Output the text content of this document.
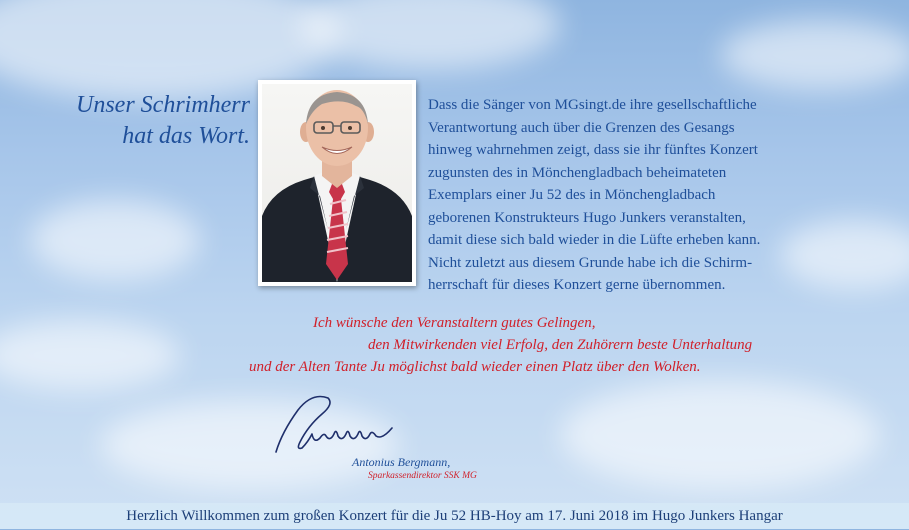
Unser Schrimherr
hat das Wort.
Dass die Sänger von MGsingt.de ihre gesellschaftliche
Verantwortung auch über die Grenzen des Gesangs
hinweg wahrnehmen zeigt, dass sie ihr fünftes Konzert
zugunsten des in Mönchengladbach beheimateten
Exemplars einer Ju 52 des in Mönchengladbach
geborenen Konstrukteurs Hugo Junkers veranstalten,
damit diese sich bald wieder in die Lüfte erheben kann.
Nicht zuletzt aus diesem Grunde habe ich die Schirm-
herrschaft für dieses Konzert gerne übernommen.
Ich wünsche den Veranstaltern gutes Gelingen,
den Mitwirkenden viel Erfolg, den Zuhörern beste Unterhaltung
und der Alten Tante Ju möglichst bald wieder einen Platz über den Wolken.
Antonius Bergmann,
Sparkassendirektor SSK MG
Herzlich Willkommen zum großen Konzert für die Ju 52 HB-Hoy am 17. Juni 2018 im Hugo Junkers Hangar
